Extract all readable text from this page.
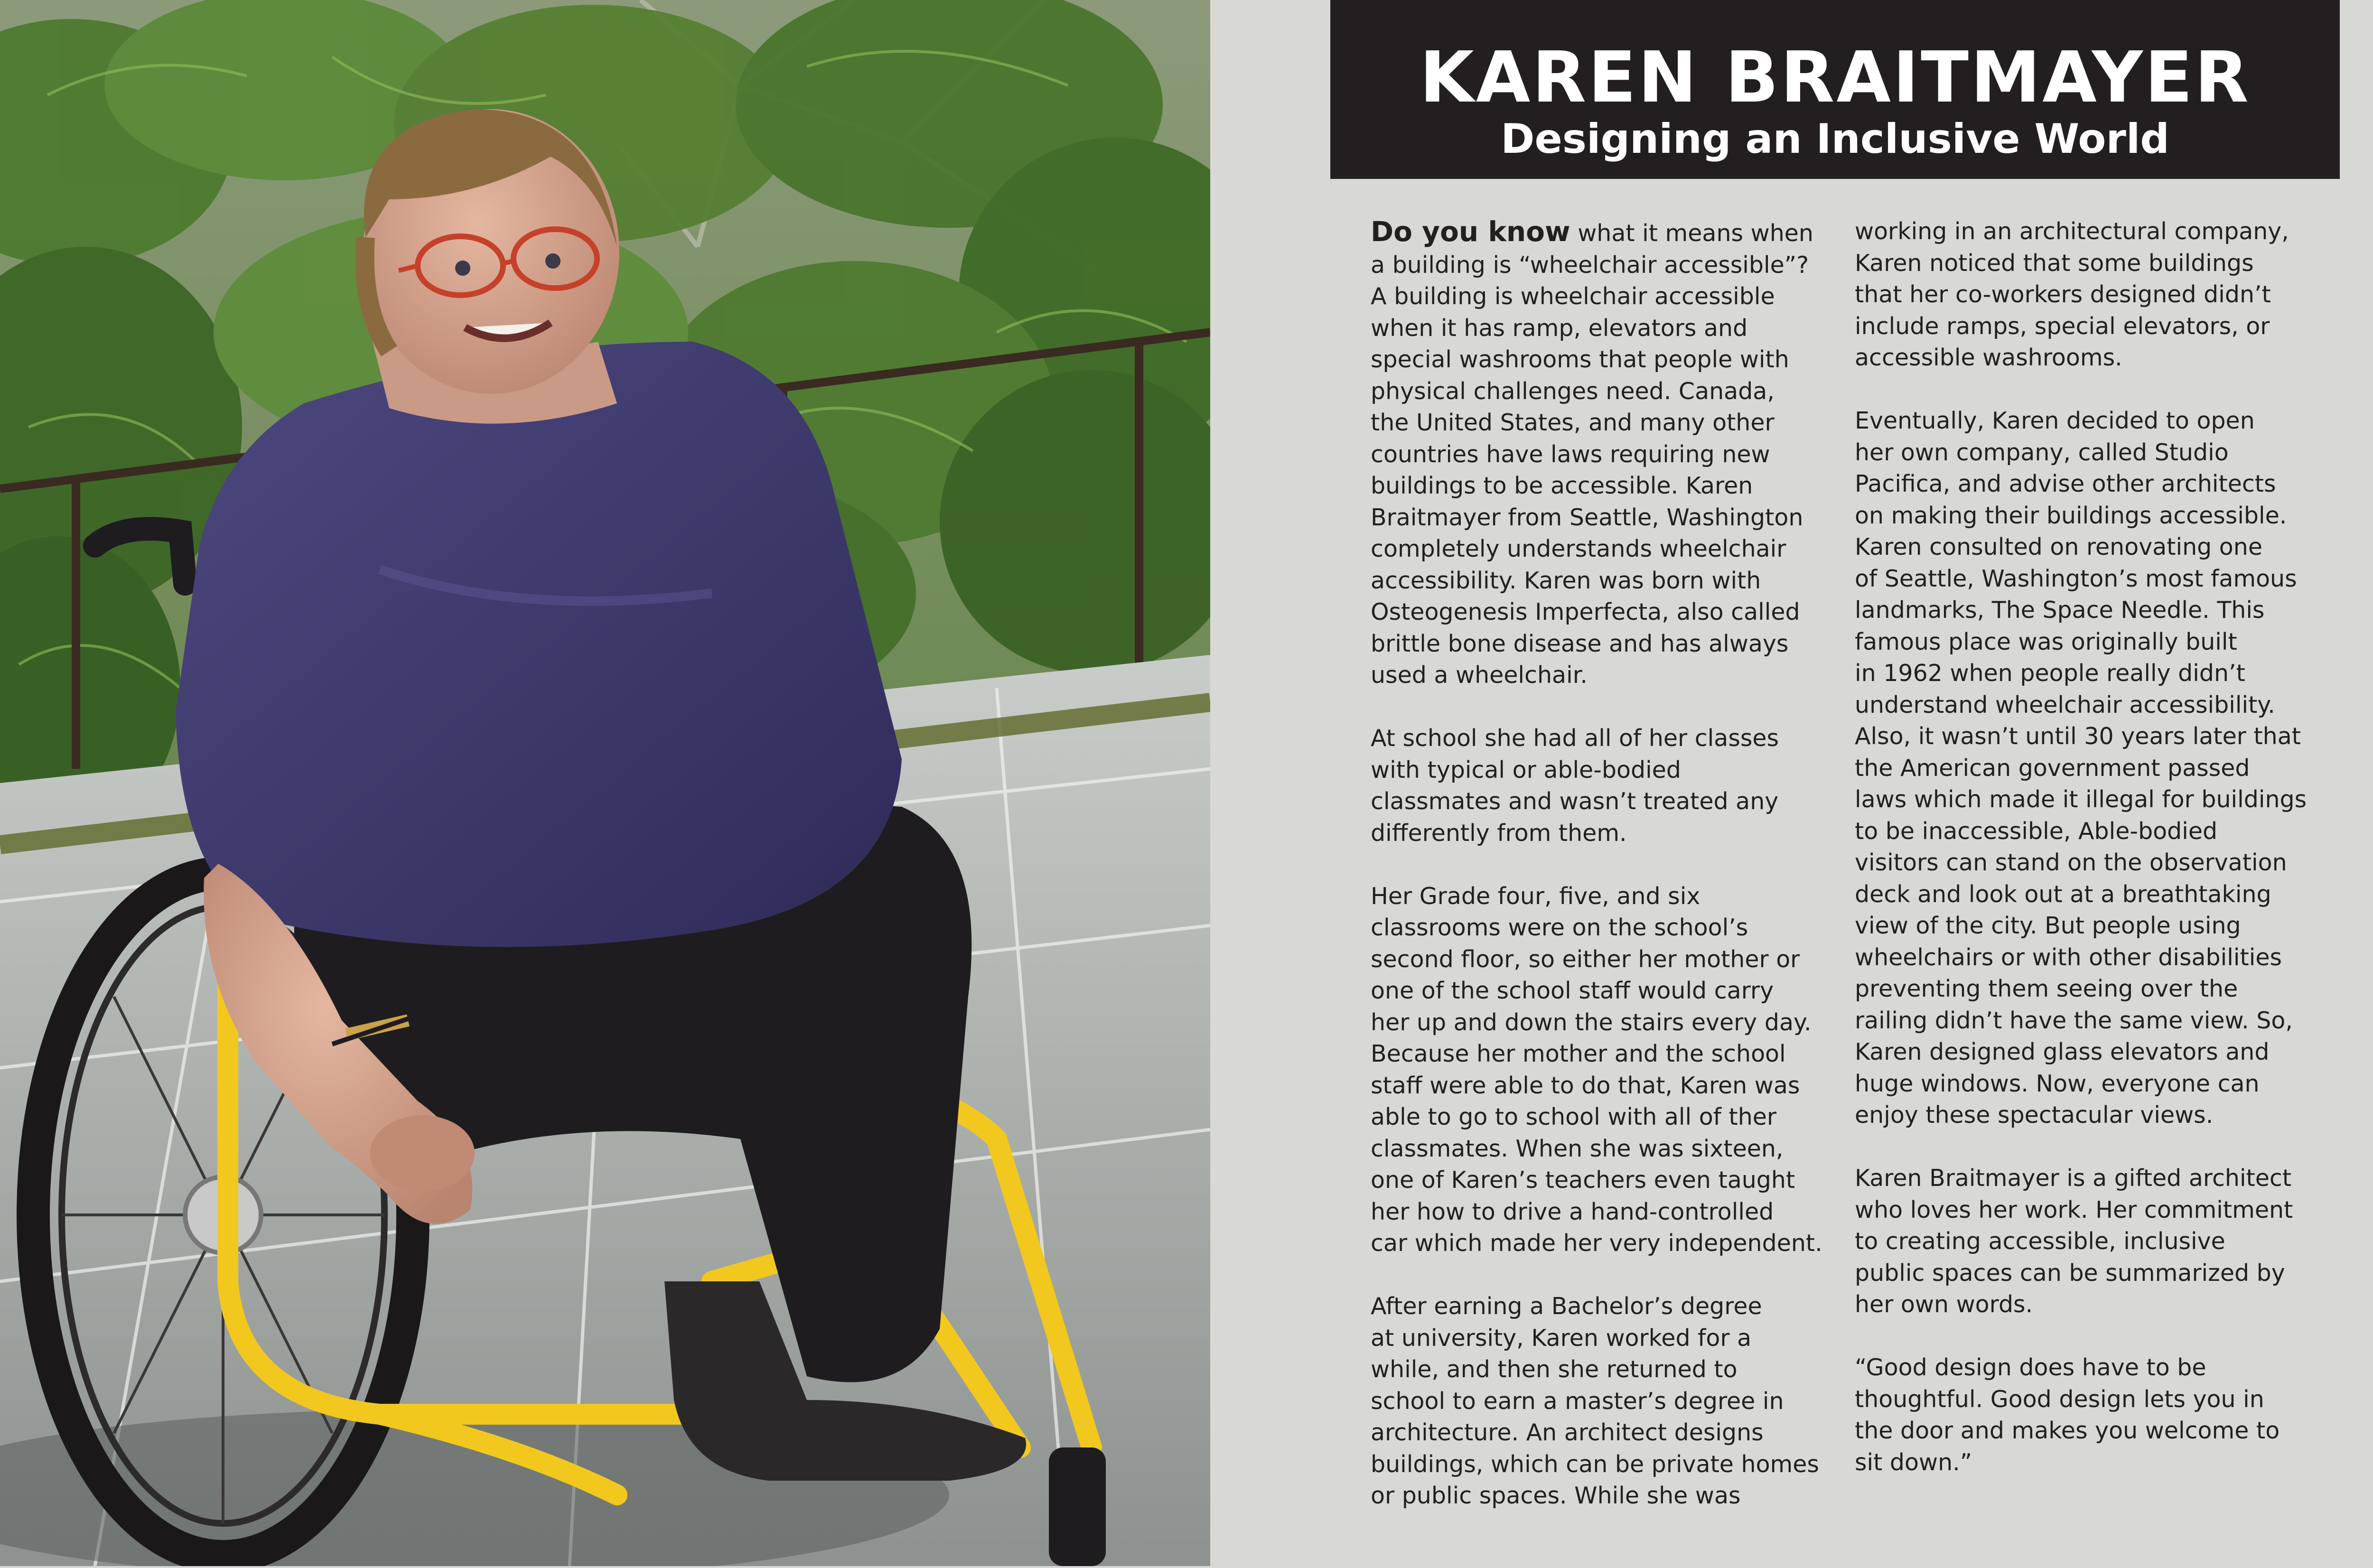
KAREN BRAITMAYER
Designing an Inclusive World
Do you know what it means when
a building is “wheelchair accessible”?
A building is wheelchair accessible
when it has ramp, elevators and
special washrooms that people with
physical challenges need. Canada,
the United States, and many other
countries have laws requiring new
buildings to be accessible. Karen
Braitmayer from Seattle, Washington
completely understands wheelchair
accessibility. Karen was born with
Osteogenesis Imperfecta, also called
brittle bone disease and has always
used a wheelchair.
At school she had all of her classes
with typical or able-bodied
classmates and wasn’t treated any
differently from them.
Her Grade four, five, and six
classrooms were on the school’s
second floor, so either her mother or
one of the school staff would carry
her up and down the stairs every day.
Because her mother and the school
staff were able to do that, Karen was
able to go to school with all of ther
classmates. When she was sixteen,
one of Karen’s teachers even taught
her how to drive a hand-controlled
car which made her very independent.
After earning a Bachelor’s degree
at university, Karen worked for a
while, and then she returned to
school to earn a master’s degree in
architecture. An architect designs
buildings, which can be private homes
or public spaces. While she was
working in an architectural company,
Karen noticed that some buildings
that her co-workers designed didn’t
include ramps, special elevators, or
accessible washrooms.
Eventually, Karen decided to open
her own company, called Studio
Pacifica, and advise other architects
on making their buildings accessible.
Karen consulted on renovating one
of Seattle, Washington’s most famous
landmarks, The Space Needle. This
famous place was originally built
in 1962 when people really didn’t
understand wheelchair accessibility.
Also, it wasn’t until 30 years later that
the American government passed
laws which made it illegal for buildings
to be inaccessible, Able-bodied
visitors can stand on the observation
deck and look out at a breathtaking
view of the city. But people using
wheelchairs or with other disabilities
preventing them seeing over the
railing didn’t have the same view. So,
Karen designed glass elevators and
huge windows. Now, everyone can
enjoy these spectacular views.
Karen Braitmayer is a gifted architect
who loves her work. Her commitment
to creating accessible, inclusive
public spaces can be summarized by
her own words.
“Good design does have to be
thoughtful. Good design lets you in
the door and makes you welcome to
sit down.”
